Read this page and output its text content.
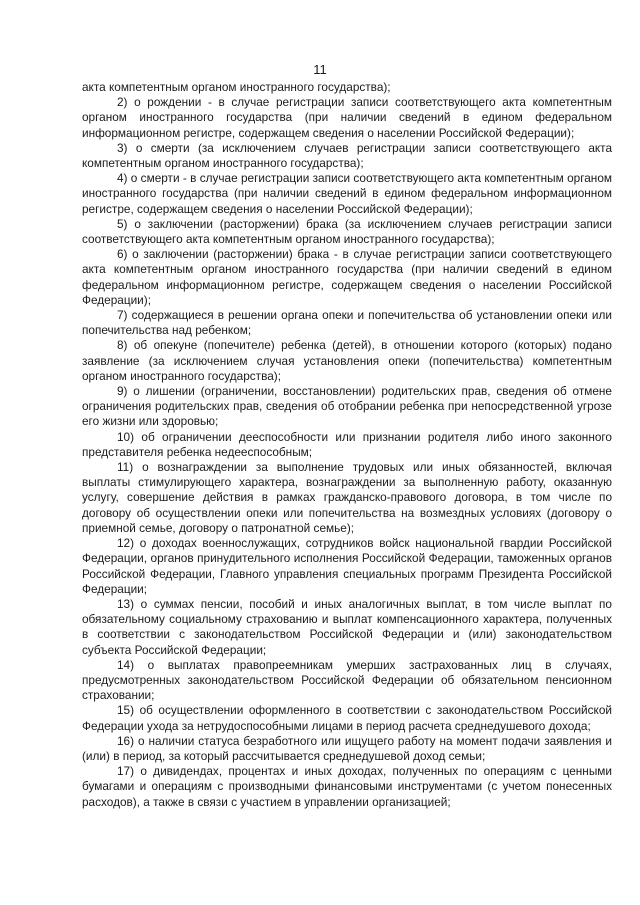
11

акта компетентным органом иностранного государства);

2) о рождении - в случае регистрации записи соответствующего акта компетентным органом иностранного государства (при наличии сведений в едином федеральном информационном регистре, содержащем сведения о населении Российской Федерации);

3) о смерти (за исключением случаев регистрации записи соответствующего акта компетентным органом иностранного государства);

4) о смерти - в случае регистрации записи соответствующего акта компетентным органом иностранного государства (при наличии сведений в едином федеральном информационном регистре, содержащем сведения о населении Российской Федерации);

5) о заключении (расторжении) брака (за исключением случаев регистрации записи соответствующего акта компетентным органом иностранного государства);

6) о заключении (расторжении) брака - в случае регистрации записи соответствующего акта компетентным органом иностранного государства (при наличии сведений в едином федеральном информационном регистре, содержащем сведения о населении Российской Федерации);

7) содержащиеся в решении органа опеки и попечительства об установлении опеки или попечительства над ребенком;

8) об опекуне (попечителе) ребенка (детей), в отношении которого (которых) подано заявление (за исключением случая установления опеки (попечительства) компетентным органом иностранного государства);

9) о лишении (ограничении, восстановлении) родительских прав, сведения об отмене ограничения родительских прав, сведения об отобрании ребенка при непосредственной угрозе его жизни или здоровью;

10) об ограничении дееспособности или признании родителя либо иного законного представителя ребенка недееспособным;

11) о вознаграждении за выполнение трудовых или иных обязанностей, включая выплаты стимулирующего характера, вознаграждении за выполненную работу, оказанную услугу, совершение действия в рамках гражданско-правового договора, в том числе по договору об осуществлении опеки или попечительства на возмездных условиях (договору о приемной семье, договору о патронатной семье);

12) о доходах военнослужащих, сотрудников войск национальной гвардии Российской Федерации, органов принудительного исполнения Российской Федерации, таможенных органов Российской Федерации, Главного управления специальных программ Президента Российской Федерации;

13) о суммах пенсии, пособий и иных аналогичных выплат, в том числе выплат по обязательному социальному страхованию и выплат компенсационного характера, полученных в соответствии с законодательством Российской Федерации и (или) законодательством субъекта Российской Федерации;

14) о выплатах правопреемникам умерших застрахованных лиц в случаях, предусмотренных законодательством Российской Федерации об обязательном пенсионном страховании;

15) об осуществлении оформленного в соответствии с законодательством Российской Федерации ухода за нетрудоспособными лицами в период расчета среднедушевого дохода;

16) о наличии статуса безработного или ищущего работу на момент подачи заявления и (или) в период, за который рассчитывается среднедушевой доход семьи;

17) о дивидендах, процентах и иных доходах, полученных по операциям с ценными бумагами и операциям с производными финансовыми инструментами (с учетом понесенных расходов), а также в связи с участием в управлении организацией;
